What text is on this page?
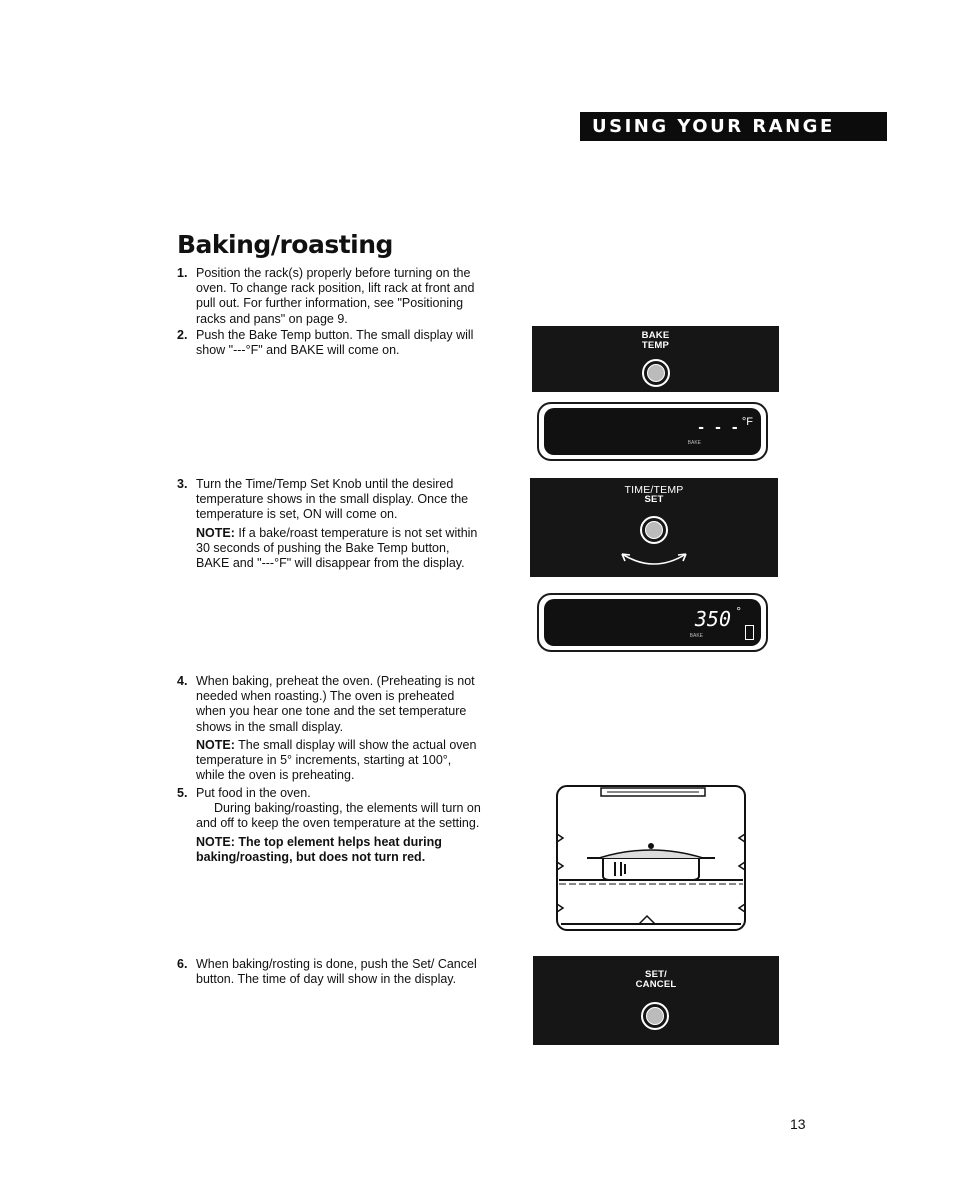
USING YOUR RANGE
Baking/roasting
1. Position the rack(s) properly before turning on the oven. To change rack position, lift rack at front and pull out. For further information, see "Positioning racks and pans" on page 9.

2. Push the Bake Temp button. The small display will show "---°F" and BAKE will come on.

3. Turn the Time/Temp Set Knob until the desired temperature shows in the small display. Once the temperature is set, ON will come on.

NOTE: If a bake/roast temperature is not set within 30 seconds of pushing the Bake Temp button, BAKE and "---°F" will disappear from the display.

4. When baking, preheat the oven. (Preheating is not needed when roasting.) The oven is preheated when you hear one tone and the set temperature shows in the small display.

NOTE: The small display will show the actual oven temperature in 5° increments, starting at 100°, while the oven is preheating.

5. Put food in the oven.

During baking/roasting, the elements will turn on and off to keep the oven temperature at the setting.

NOTE: The top element helps heat during baking/roasting, but does not turn red.

6. When baking/rosting is done, push the Set/ Cancel button. The time of day will show in the display.

BAKE
TEMP
- - - °F
BAKE
TIME/TEMP
SET
350 °
BAKE
SET/
CANCEL
13
